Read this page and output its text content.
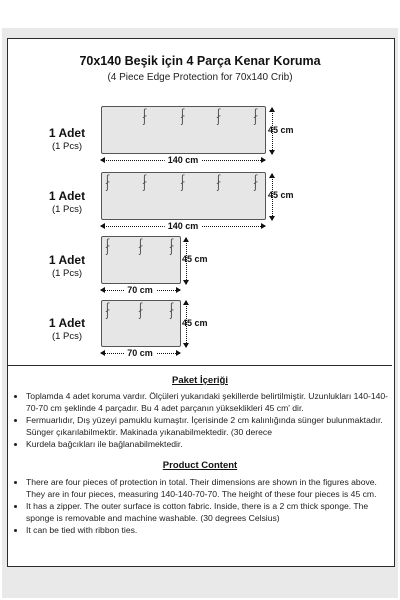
70x140 Beşik için 4 Parça Kenar Koruma
(4 Piece Edge Protection for 70x140 Crib)
1 Adet
(1 Pcs)
ʃ ʃ
ʃ ʃ
ʃ ʃ
ʃ ʃ
140 cm
45 cm
1 Adet
(1 Pcs)
ʃ ʃ
ʃ ʃ
ʃ ʃ
ʃ ʃ
ʃ ʃ
140 cm
45 cm
1 Adet
(1 Pcs)
ʃ ʃ
ʃ ʃ
ʃ ʃ
70 cm
45 cm
1 Adet
(1 Pcs)
ʃ ʃ
ʃ ʃ
ʃ ʃ
70 cm
45 cm
Paket İçeriği
• Toplamda 4 adet koruma vardır. Ölçüleri yukarıdaki şekillerde belirtilmiştir. Uzunlukları 140-140-70-70 cm şeklinde 4 parçadır. Bu 4 adet parçanın yükseklikleri 45 cm' dir.
• Fermuarlıdır, Dış yüzeyi pamuklu kumaştır. İçerisinde 2 cm kalınlığında sünger bulunmaktadır. Sünger çıkarılabilmektir. Makinada yıkanabilmektedir. (30 derece
• Kurdela bağcıkları ile bağlanabilmektedir.
Product Content
• There are four pieces of protection in total. Their dimensions are shown in the figures above. They are in four pieces, measuring 140-140-70-70. The height of these four pieces is 45 cm.
• It has a zipper. The outer surface is cotton fabric. Inside, there is a 2 cm thick sponge. The sponge is removable and machine washable. (30 degrees Celsius)
• It can be tied with ribbon ties.
